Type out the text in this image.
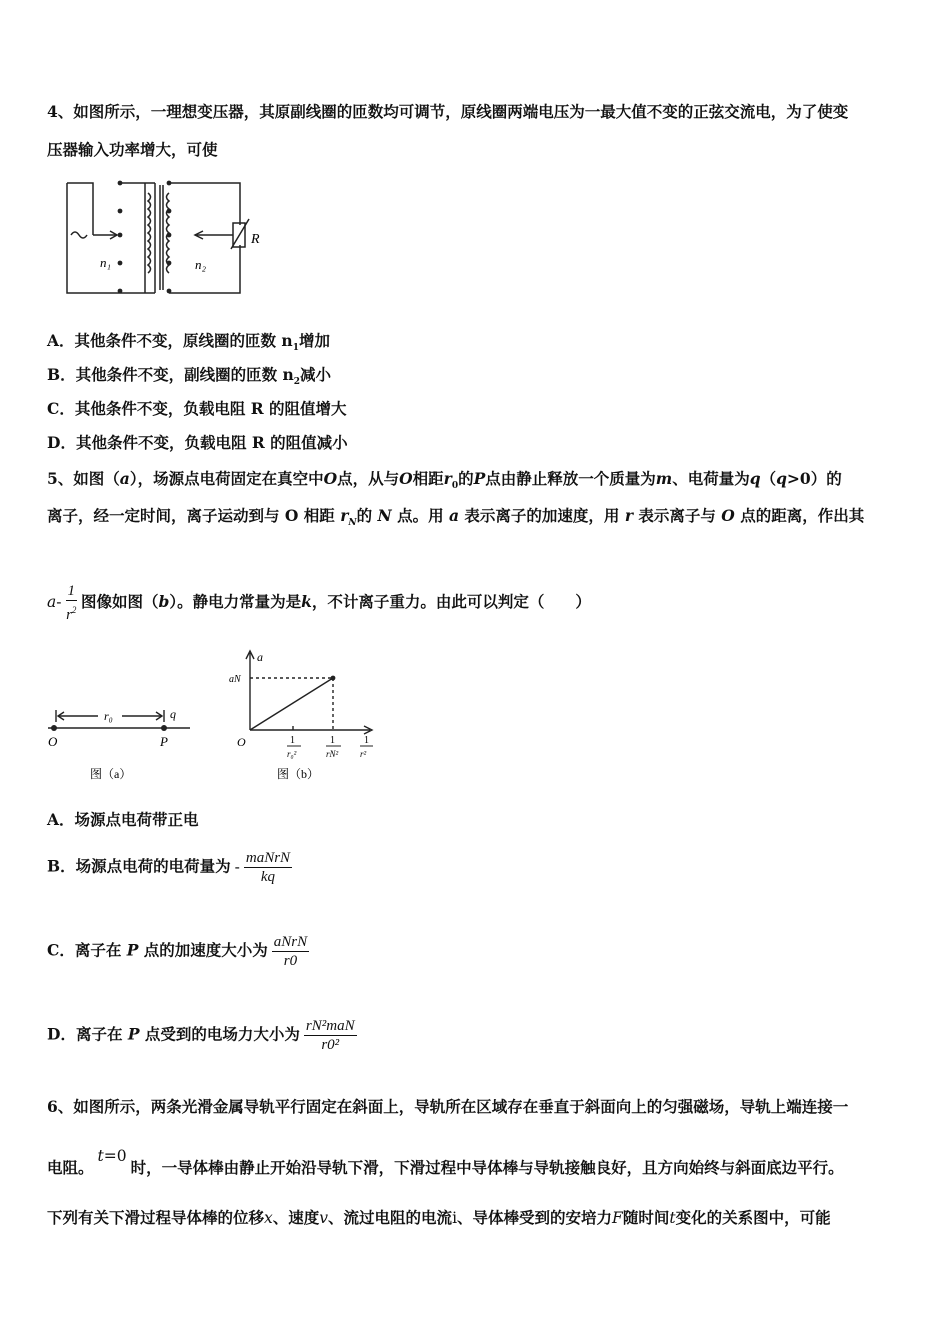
4、如图所示，一理想变压器，其原副线圈的匝数均可调节，原线圈两端电压为一最大值不变的正弦交流电，为了使变
压器输入功率增大，可使
n₁	n₂
R
A．其他条件不变，原线圈的匝数 $n_1$增加
B．其他条件不变，副线圈的匝数 $n_2$减小
C．其他条件不变，负载电阻 R 的阻值增大
D．其他条件不变，负载电阻 R 的阻值减小
5、如图（a），场源点电荷固定在真空中O点，从与O相距$r_0$的P点由静止释放一个质量为m、电荷量为q（q>0）的
离子，经一定时间，离子运动到与 O 相距 $r_N$的 N 点。用 a 表示离子的加速度，用 r 表示离子与 O 点的距离，作出其
$a- \frac{1}{r^2}$ 图像如图（b）。静电力常量为是k，不计离子重力。由此可以判定（　　）
r₀	q
O	P
图（a）
a
aN
O	1
r₀²
1
rN²
1
r²
图（b）
A．场源点电荷带正电
B．场源点电荷的电荷量为 - $\frac{\text{maNrN}}{kq}$
C．离子在 P 点的加速度大小为 $\frac{\text{aNrN}}{r0}$
D．离子在 P 点受到的电场力大小为 $\frac{\text{rN²maN}}{\text{r0²}}$
6、如图所示，两条光滑金属导轨平行固定在斜面上，导轨所在区域存在垂直于斜面向上的匀强磁场，导轨上端连接一
电阻。t=0时，一导体棒由静止开始沿导轨下滑，下滑过程中导体棒与导轨接触良好，且方向始终与斜面底边平行。
下列有关下滑过程导体棒的位移x、速度v、流过电阻的电流i、导体棒受到的安培力F随时间t变化的关系图中，可能
